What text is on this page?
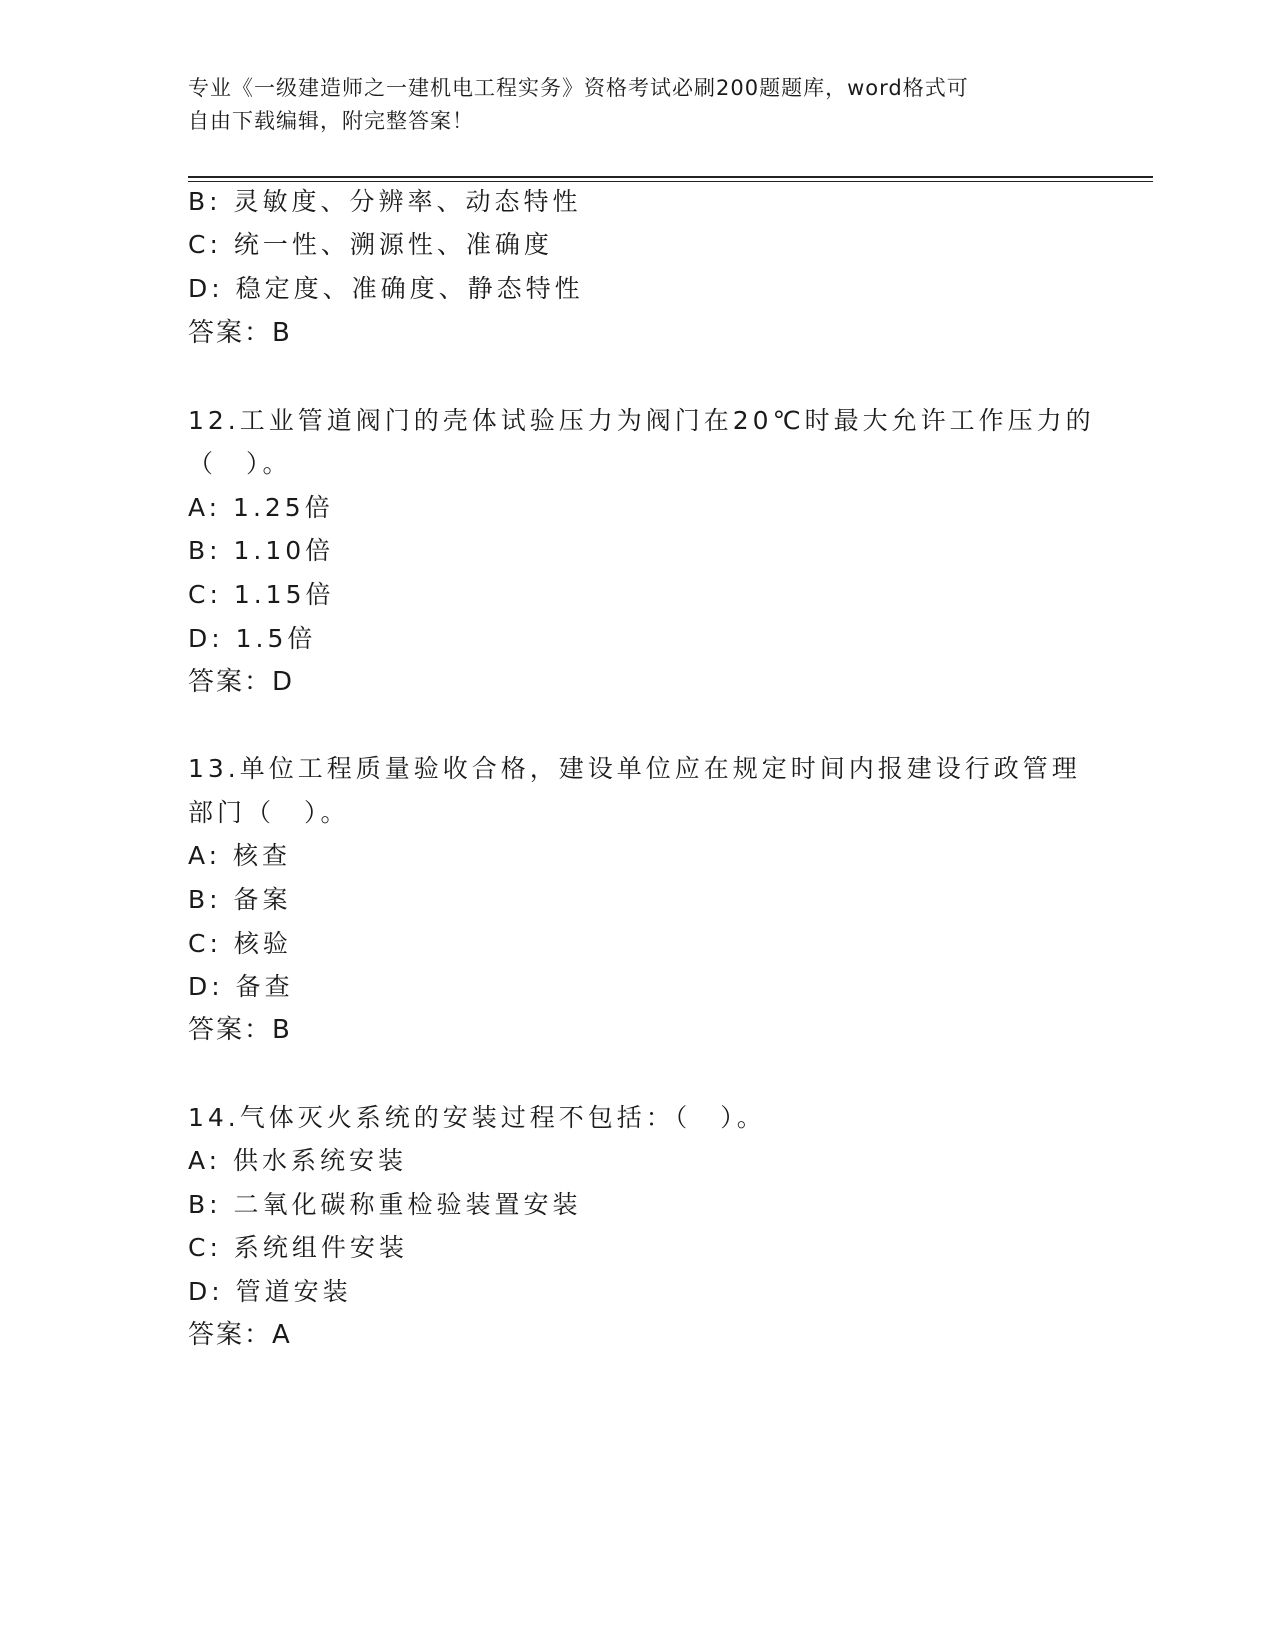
专业《一级建造师之一建机电工程实务》资格考试必刷200题题库，word格式可
自由下载编辑，附完整答案！
B: 灵敏度、分辨率、动态特性
C: 统一性、溯源性、准确度
D: 稳定度、准确度、静态特性
答案：B
12.工业管道阀门的壳体试验压力为阀门在20℃时最大允许工作压力的
（　）。
A: 1.25倍
B: 1.10倍
C: 1.15倍
D: 1.5倍
答案：D
13.单位工程质量验收合格，建设单位应在规定时间内报建设行政管理
部门（　）。
A: 核查
B: 备案
C: 核验
D: 备查
答案：B
14.气体灭火系统的安装过程不包括：（　）。
A: 供水系统安装
B: 二氧化碳称重检验装置安装
C: 系统组件安装
D: 管道安装
答案：A
